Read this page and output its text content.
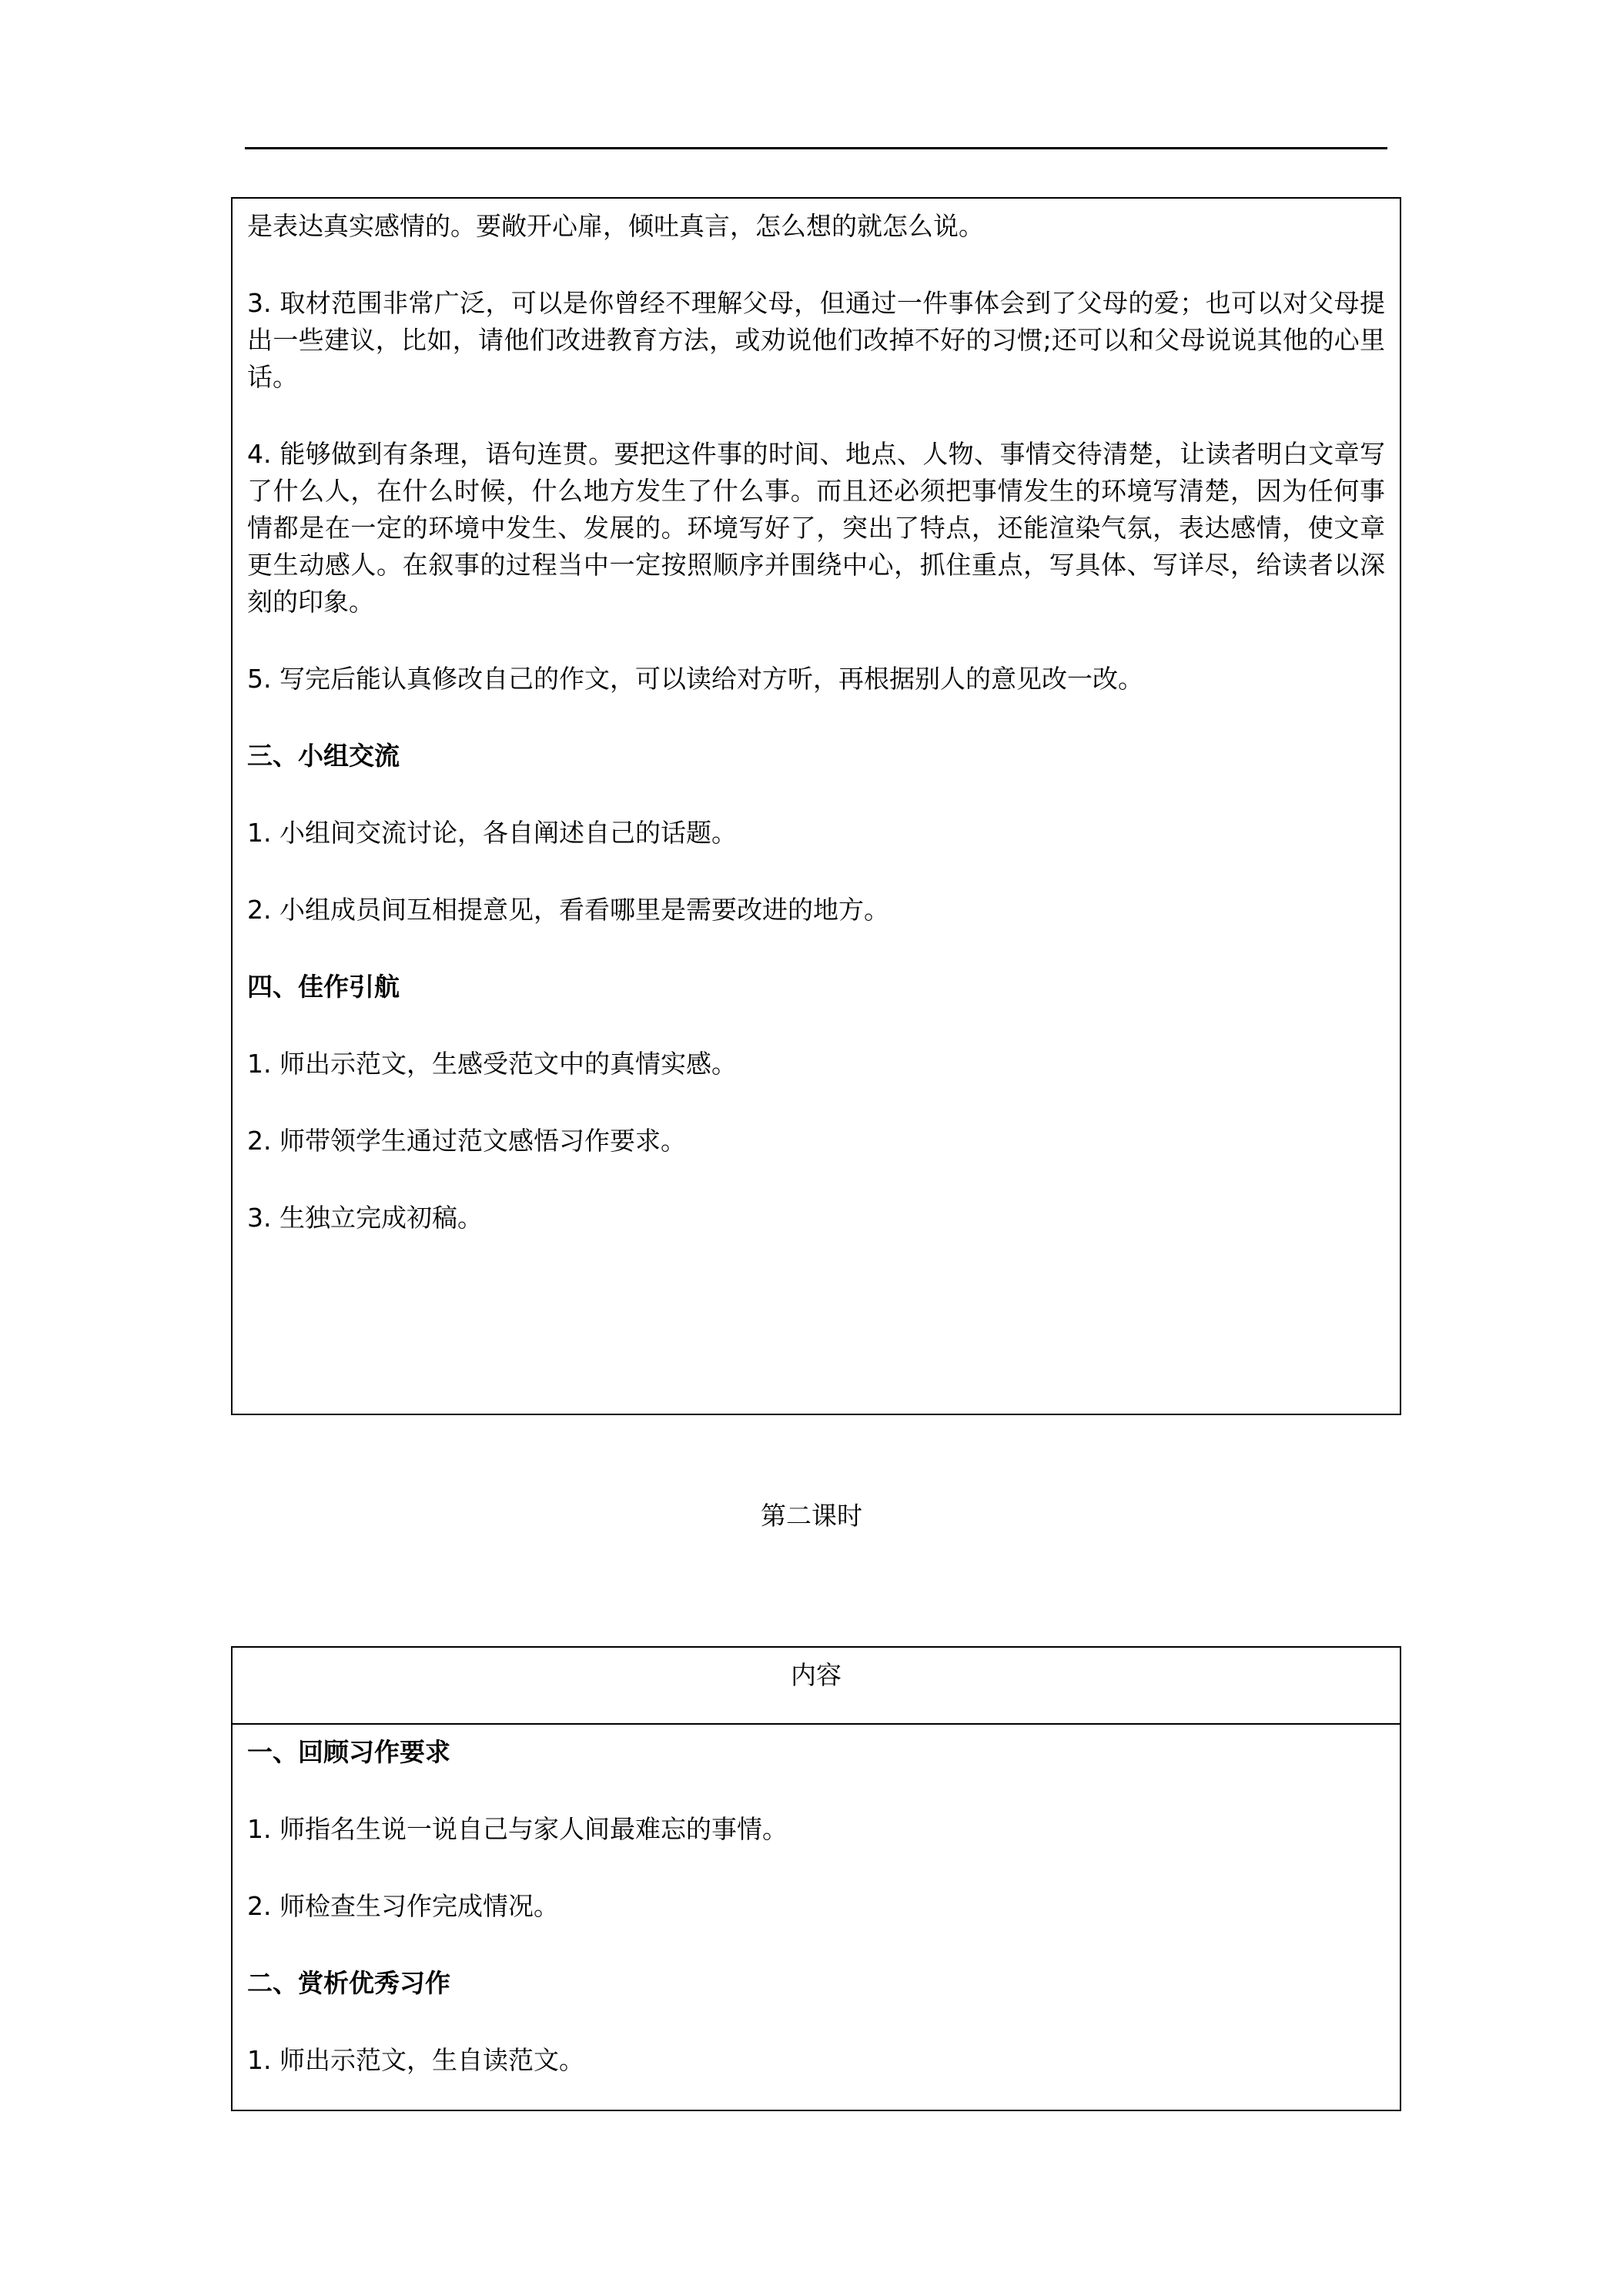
是表达真实感情的。要敞开心扉，倾吐真言，怎么想的就怎么说。

3. 取材范围非常广泛，可以是你曾经不理解父母，但通过一件事体会到了父母的爱；也可以对父母提出一些建议，比如，请他们改进教育方法，或劝说他们改掉不好的习惯;还可以和父母说说其他的心里话。

4. 能够做到有条理，语句连贯。要把这件事的时间、地点、人物、事情交待清楚，让读者明白文章写了什么人，在什么时候，什么地方发生了什么事。而且还必须把事情发生的环境写清楚，因为任何事情都是在一定的环境中发生、发展的。环境写好了，突出了特点，还能渲染气氛，表达感情，使文章更生动感人。在叙事的过程当中一定按照顺序并围绕中心，抓住重点，写具体、写详尽，给读者以深刻的印象。

5. 写完后能认真修改自己的作文，可以读给对方听，再根据别人的意见改一改。

三、小组交流

1. 小组间交流讨论，各自阐述自己的话题。

2. 小组成员间互相提意见，看看哪里是需要改进的地方。

四、佳作引航

1. 师出示范文，生感受范文中的真情实感。

2. 师带领学生通过范文感悟习作要求。

3. 生独立完成初稿。

第二课时
内容

一、回顾习作要求

1. 师指名生说一说自己与家人间最难忘的事情。

2. 师检查生习作完成情况。

二、赏析优秀习作

1. 师出示范文，生自读范文。
